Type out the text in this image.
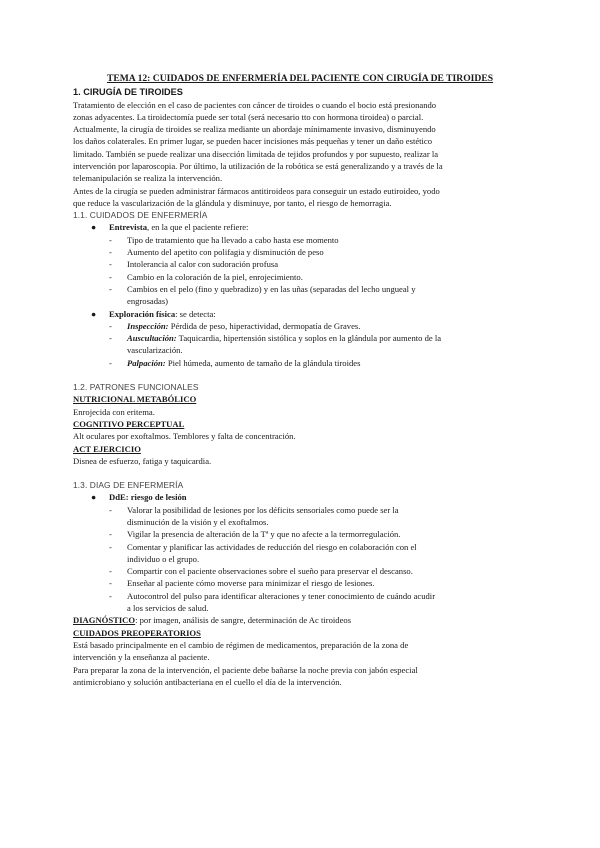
TEMA 12: CUIDADOS DE ENFERMERÍA DEL PACIENTE CON CIRUGÍA DE TIROIDES

1. CIRUGÍA DE TIROIDES

Tratamiento de elección en el caso de pacientes con cáncer de tiroides o cuando el bocio está presionando

zonas adyacentes. La tiroidectomía puede ser total (será necesario tto con hormona tiroidea) o parcial.

Actualmente, la cirugía de tiroides se realiza mediante un abordaje mínimamente invasivo, disminuyendo

los daños colaterales. En primer lugar, se pueden hacer incisiones más pequeñas y tener un daño estético

limitado. También se puede realizar una disección limitada de tejidos profundos y por supuesto, realizar la

intervención por laparoscopia. Por último, la utilización de la robótica se está generalizando y a través de la

telemanipulación se realiza la intervención.

Antes de la cirugía se pueden administrar fármacos antitiroideos para conseguir un estado eutiroideo, yodo

que reduce la vascularización de la glándula y disminuye, por tanto, el riesgo de hemorragia.

1.1. CUIDADOS DE ENFERMERÍA

● Entrevista, en la que el paciente refiere:
- Tipo de tratamiento que ha llevado a cabo hasta ese momento
- Aumento del apetito con polifagia y disminución de peso
- Intolerancia al calor con sudoración profusa
- Cambio en la coloración de la piel, enrojecimiento.
- Cambios en el pelo (fino y quebradizo) y en las uñas (separadas del lecho ungueal y
engrosadas)
● Exploración física: se detecta:
- Inspección: Pérdida de peso, hiperactividad, dermopatía de Graves.
- Auscultación: Taquicardia, hipertensión sistólica y soplos en la glándula por aumento de la
vascularización.
- Palpación: Piel húmeda, aumento de tamaño de la glándula tiroides

1.2. PATRONES FUNCIONALES

NUTRICIONAL METABÓLICO

Enrojecida con eritema.

COGNITIVO PERCEPTUAL

Alt oculares por exoftalmos. Temblores y falta de concentración.

ACT EJERCICIO

Disnea de esfuerzo, fatiga y taquicardia.

1.3. DIAG DE ENFERMERÍA

● DdE: riesgo de lesión
- Valorar la posibilidad de lesiones por los déficits sensoriales como puede ser la
disminución de la visión y el exoftalmos.
- Vigilar la presencia de alteración de la Tª y que no afecte a la termorregulación.
- Comentar y planificar las actividades de reducción del riesgo en colaboración con el
individuo o el grupo.
- Compartir con el paciente observaciones sobre el sueño para preservar el descanso.
- Enseñar al paciente cómo moverse para minimizar el riesgo de lesiones.
- Autocontrol del pulso para identificar alteraciones y tener conocimiento de cuándo acudir
a los servicios de salud.

DIAGNÓSTICO: por imagen, análisis de sangre, determinación de Ac tiroideos

CUIDADOS PREOPERATORIOS

Está basado principalmente en el cambio de régimen de medicamentos, preparación de la zona de

intervención y la enseñanza al paciente.

Para preparar la zona de la intervención, el paciente debe bañarse la noche previa con jabón especial

antimicrobiano y solución antibacteriana en el cuello el día de la intervención.
